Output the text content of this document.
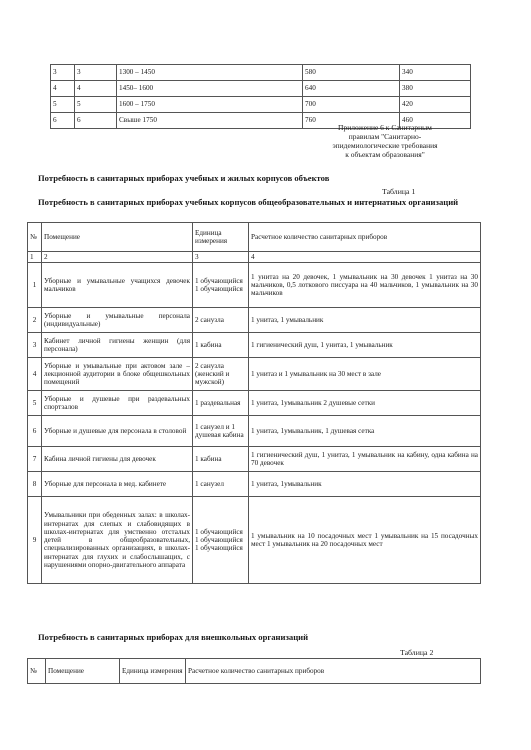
3	3	1300 – 1450	580	340
4	4	1450– 1600	640	380
5	5	1600 – 1750	700	420
6	6	Свыше 1750	760	460
Приложение 6 к Санитарным
правилам "Санитарно-
эпидемиологические требования
к объектам образования"
Потребность в санитарных приборах учебных и жилых корпусов объектов
Таблица 1
Потребность в санитарных приборах учебных корпусов общеобразовательных и интернатных организаций
№	Помещение	Единица измерения	Расчетное количество санитарных приборов
1	2	3	4
1	Уборные и умывальные учащихся девочек мальчиков	1 обучающийся 1 обучающийся	1 унитаз на 20 девочек, 1 умывальник на 30 девочек 1 унитаз на 30 мальчиков, 0,5 лоткового писсуара на 40 мальчиков, 1 умывальник на 30 мальчиков
2	Уборные и умывальные персонала (индивидуальные)	2 санузла	1 унитаз, 1 умывальник
3	Кабинет личной гигиены женщин (для персонала)	1 кабина	1 гигиенический душ, 1 унитаз, 1 умывальник
4	Уборные и умывальные при актовом зале – лекционной аудитории в блоке общешкольных помещений	2 санузла (женский и мужской)	1 унитаз и 1 умывальник на 30 мест в зале
5	Уборные и душевые при раздевальных спортзалов	1 раздевальная	1 унитаз, 1умывальник 2 душевые сетки
6	Уборные и душевые для персонала в столовой	1 санузел и 1 душевая кабина	1 унитаз, 1умывальник, 1 душевая сетка
7	Кабина личной гигиены для девочек	1 кабина	1 гигиенический душ, 1 унитаз, 1 умывальник на кабину, одна кабина на 70 девочек
8	Уборные для персонала в мед. кабинете	1 санузел	1 унитаз, 1умывальник
9	Умывальники при обеденных залах: в школах-интернатах для слепых и слабовидящих в школах-интернатах для умственно отсталых детей в общеобразовательных, специализированных организациях, в школах-интернатах для глухих и слабослышащих, с нарушениями опорно-двигательного аппарата	1 обучающийся 1 обучающийся 1 обучающийся	1 умывальник на 10 посадочных мест 1 умывальник на 15 посадочных мест 1 умывальник на 20 посадочных мест
Потребность в санитарных приборах для внешкольных организаций
Таблица 2
№	Помещение	Единица измерения	Расчетное количество санитарных приборов
